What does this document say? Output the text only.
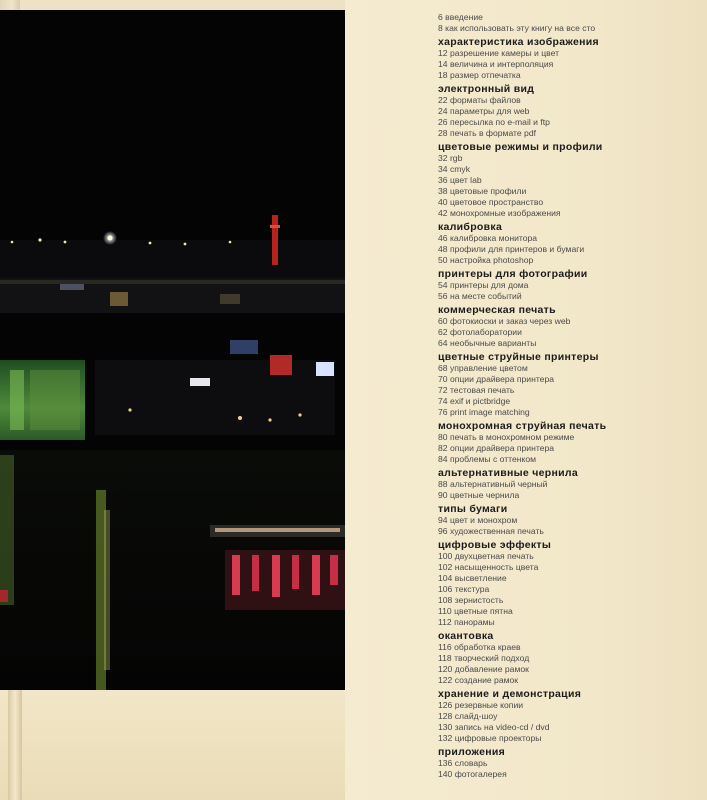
6 введение
8 как использовать эту книгу на все сто
характеристика изображения
12 разрешение камеры и цвет
14 величина и интерполяция
18 размер отпечатка
электронный вид
22 форматы файлов
24 параметры для web
26 пересылка по e-mail и ftp
28 печать в формате pdf
цветовые режимы и профили
32 rgb
34 cmyk
36 цвет lab
38 цветовые профили
40 цветовое пространство
42 монохромные изображения
калибровка
46 калибровка монитора
48 профили для принтеров и бумаги
50 настройка photoshop
принтеры для фотографии
54 принтеры для дома
56 на месте событий
коммерческая печать
60 фотокиоски и заказ через web
62 фотолаборатории
64 необычные варианты
цветные струйные принтеры
68 управление цветом
70 опции драйвера принтера
72 тестовая печать
74 exif и pictbridge
76 print image matching
монохромная струйная печать
80 печать в монохромном режиме
82 опции драйвера принтера
84 проблемы с оттенком
альтернативные чернила
88 альтернативный черный
90 цветные чернила
типы бумаги
94 цвет и монохром
96 художественная печать
цифровые эффекты
100 двухцветная печать
102 насыщенность цвета
104 высветление
106 текстура
108 зернистость
110 цветные пятна
112 панорамы
окантовка
116 обработка краев
118 творческий подход
120 добавление рамок
122 создание рамок
хранение и демонстрация
126 резервные копии
128 слайд-шоу
130 запись на video-cd / dvd
132 цифровые проекторы
приложения
136 словарь
140 фотогалерея
